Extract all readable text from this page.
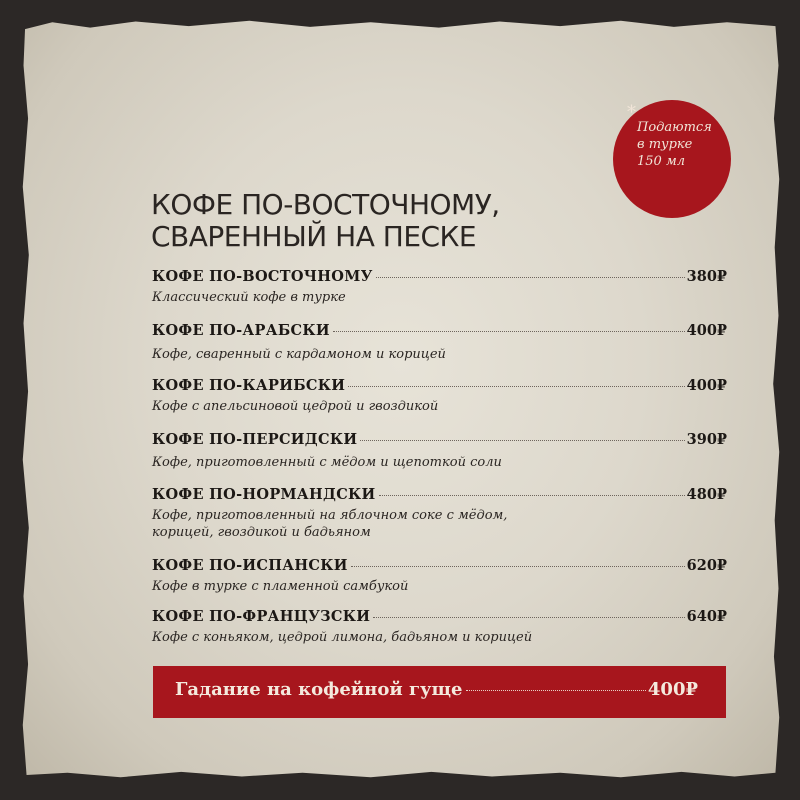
*
Подаются
в турке
150 мл
КОФЕ ПО-ВОСТОЧНОМУ,
СВАРЕННЫЙ НА ПЕСКЕ
КОФЕ ПО-ВОСТОЧНОМУ	380₽
Классический кофе в турке
КОФЕ ПО-АРАБСКИ	400₽
Кофе, сваренный с кардамоном и корицей
КОФЕ ПО-КАРИБСКИ	400₽
Кофе с апельсиновой цедрой и гвоздикой
КОФЕ ПО-ПЕРСИДСКИ	390₽
Кофе, приготовленный с мёдом и щепоткой соли
КОФЕ ПО-НОРМАНДСКИ	480₽
Кофе, приготовленный на яблочном соке с мёдом,
корицей, гвоздикой и бадьяном
КОФЕ ПО-ИСПАНСКИ	620₽
Кофе в турке с пламенной самбукой
КОФЕ ПО-ФРАНЦУЗСКИ	640₽
Кофе с коньяком, цедрой лимона, бадьяном и корицей
Гадание на кофейной гуще	400₽
